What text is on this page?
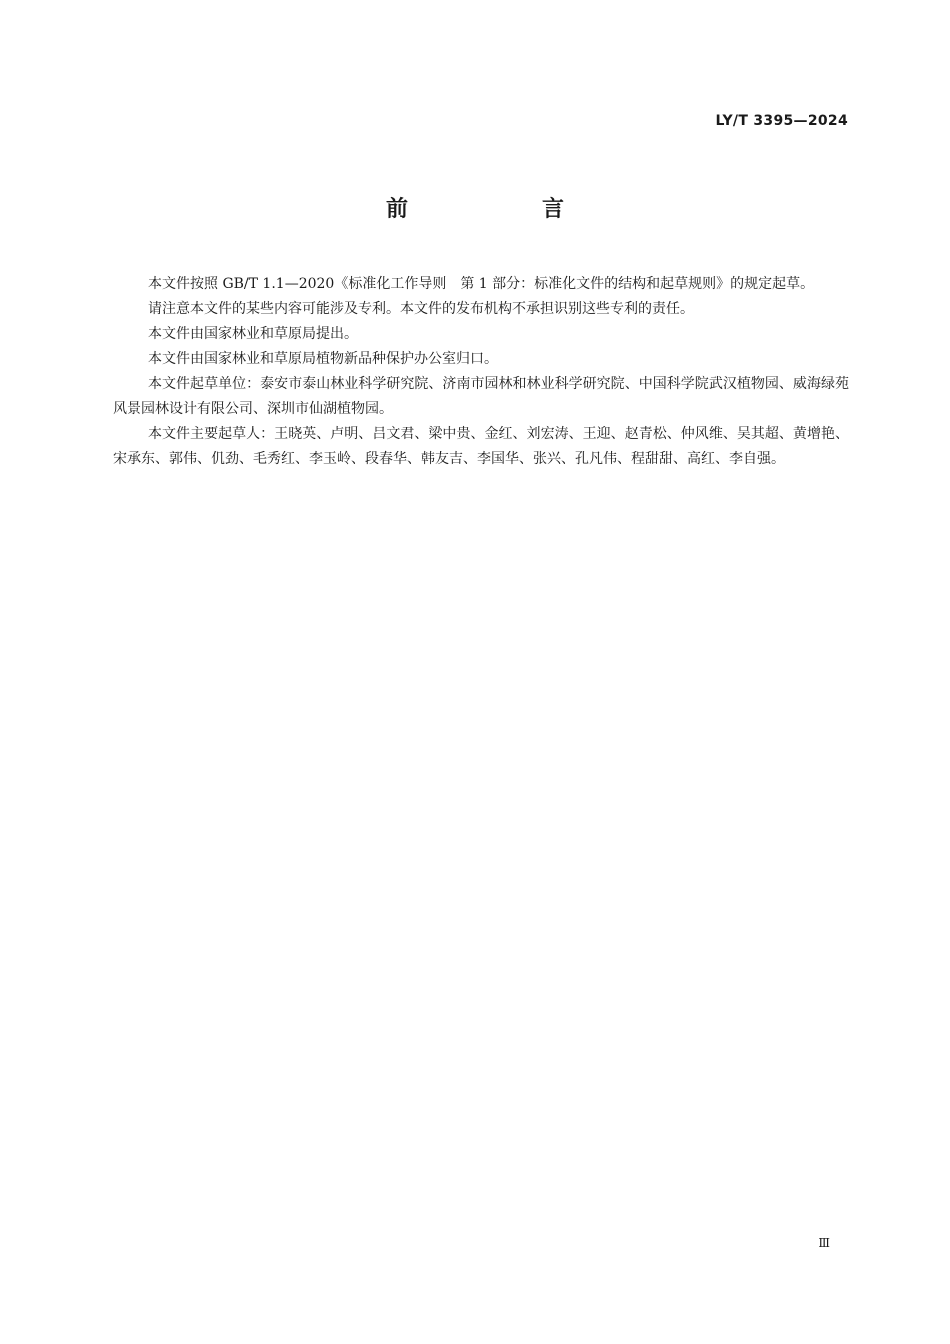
LY/T 3395—2024
前　言

本文件按照 GB/T 1.1—2020《标准化工作导则　第 1 部分：标准化文件的结构和起草规则》的规定起草。

请注意本文件的某些内容可能涉及专利。本文件的发布机构不承担识别这些专利的责任。

本文件由国家林业和草原局提出。

本文件由国家林业和草原局植物新品种保护办公室归口。

本文件起草单位：泰安市泰山林业科学研究院、济南市园林和林业科学研究院、中国科学院武汉植物园、威海绿苑风景园林设计有限公司、深圳市仙湖植物园。

本文件主要起草人：王晓英、卢明、吕文君、梁中贵、金红、刘宏涛、王迎、赵青松、仲风维、吴其超、黄增艳、宋承东、郭伟、仉劲、毛秀红、李玉岭、段春华、韩友吉、李国华、张兴、孔凡伟、程甜甜、高红、李自强。

Ⅲ
